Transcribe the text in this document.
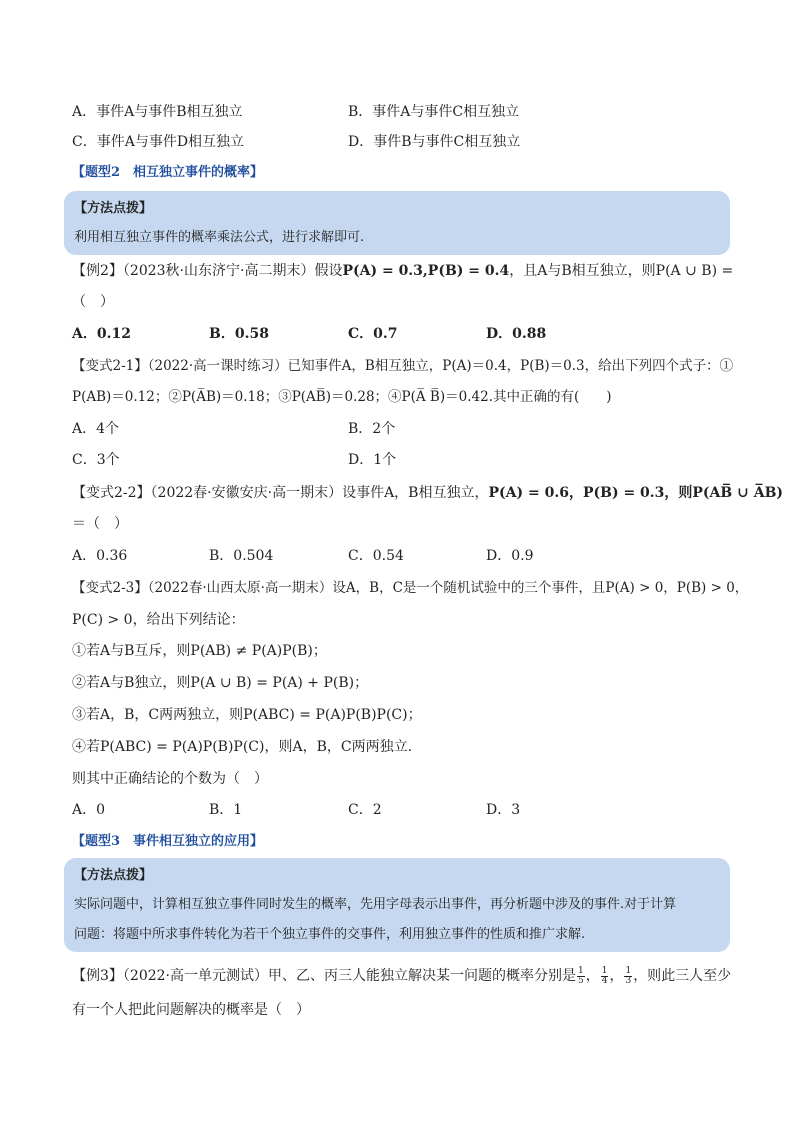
A．事件A与事件B相互独立	B．事件A与事件C相互独立
C．事件A与事件D相互独立	D．事件B与事件C相互独立
【题型2　相互独立事件的概率】
【方法点拨】
利用相互独立事件的概率乘法公式，进行求解即可.
【例2】（2023秋·山东济宁·高二期末）假设P(A) = 0.3,P(B) = 0.4，且A与B相互独立，则P(A ∪ B) =
（　）
A．0.12	B．0.58	C．0.7	D．0.88
【变式2-1】（2022·高一课时练习）已知事件A，B相互独立，P(A)＝0.4，P(B)＝0.3，给出下列四个式子：①
P(AB)＝0.12；②P(A̅B)＝0.18；③P(AB̅)＝0.28；④P(A̅ B̅)＝0.42.其中正确的有(　　)
A．4个	B．2个
C．3个	D．1个
【变式2-2】（2022春·安徽安庆·高一期末）设事件A，B相互独立，P(A) = 0.6，P(B) = 0.3，则P(AB̅ ∪ A̅B)
＝（　）
A．0.36	B．0.504	C．0.54	D．0.9
【变式2-3】（2022春·山西太原·高一期末）设A，B，C是一个随机试验中的三个事件，且P(A) > 0，P(B) > 0，
P(C) > 0，给出下列结论：
①若A与B互斥，则P(AB) ≠ P(A)P(B)；
②若A与B独立，则P(A ∪ B) = P(A) + P(B)；
③若A，B，C两两独立，则P(ABC) = P(A)P(B)P(C)；
④若P(ABC) = P(A)P(B)P(C)，则A，B，C两两独立.
则其中正确结论的个数为（　）
A．0	B．1	C．2	D．3
【题型3　事件相互独立的应用】
【方法点拨】
实际问题中，计算相互独立事件同时发生的概率，先用字母表示出事件，再分析题中涉及的事件.对于计算
问题：将题中所求事件转化为若干个独立事件的交事件，利用独立事件的性质和推广求解.
【例3】（2022·高一单元测试）甲、乙、丙三人能独立解决某一问题的概率分别是 $\frac{1}{5}$ ， $\frac{1}{4}$ ， $\frac{1}{3}$ ，则此三人至少
有一个人把此问题解决的概率是（　）
